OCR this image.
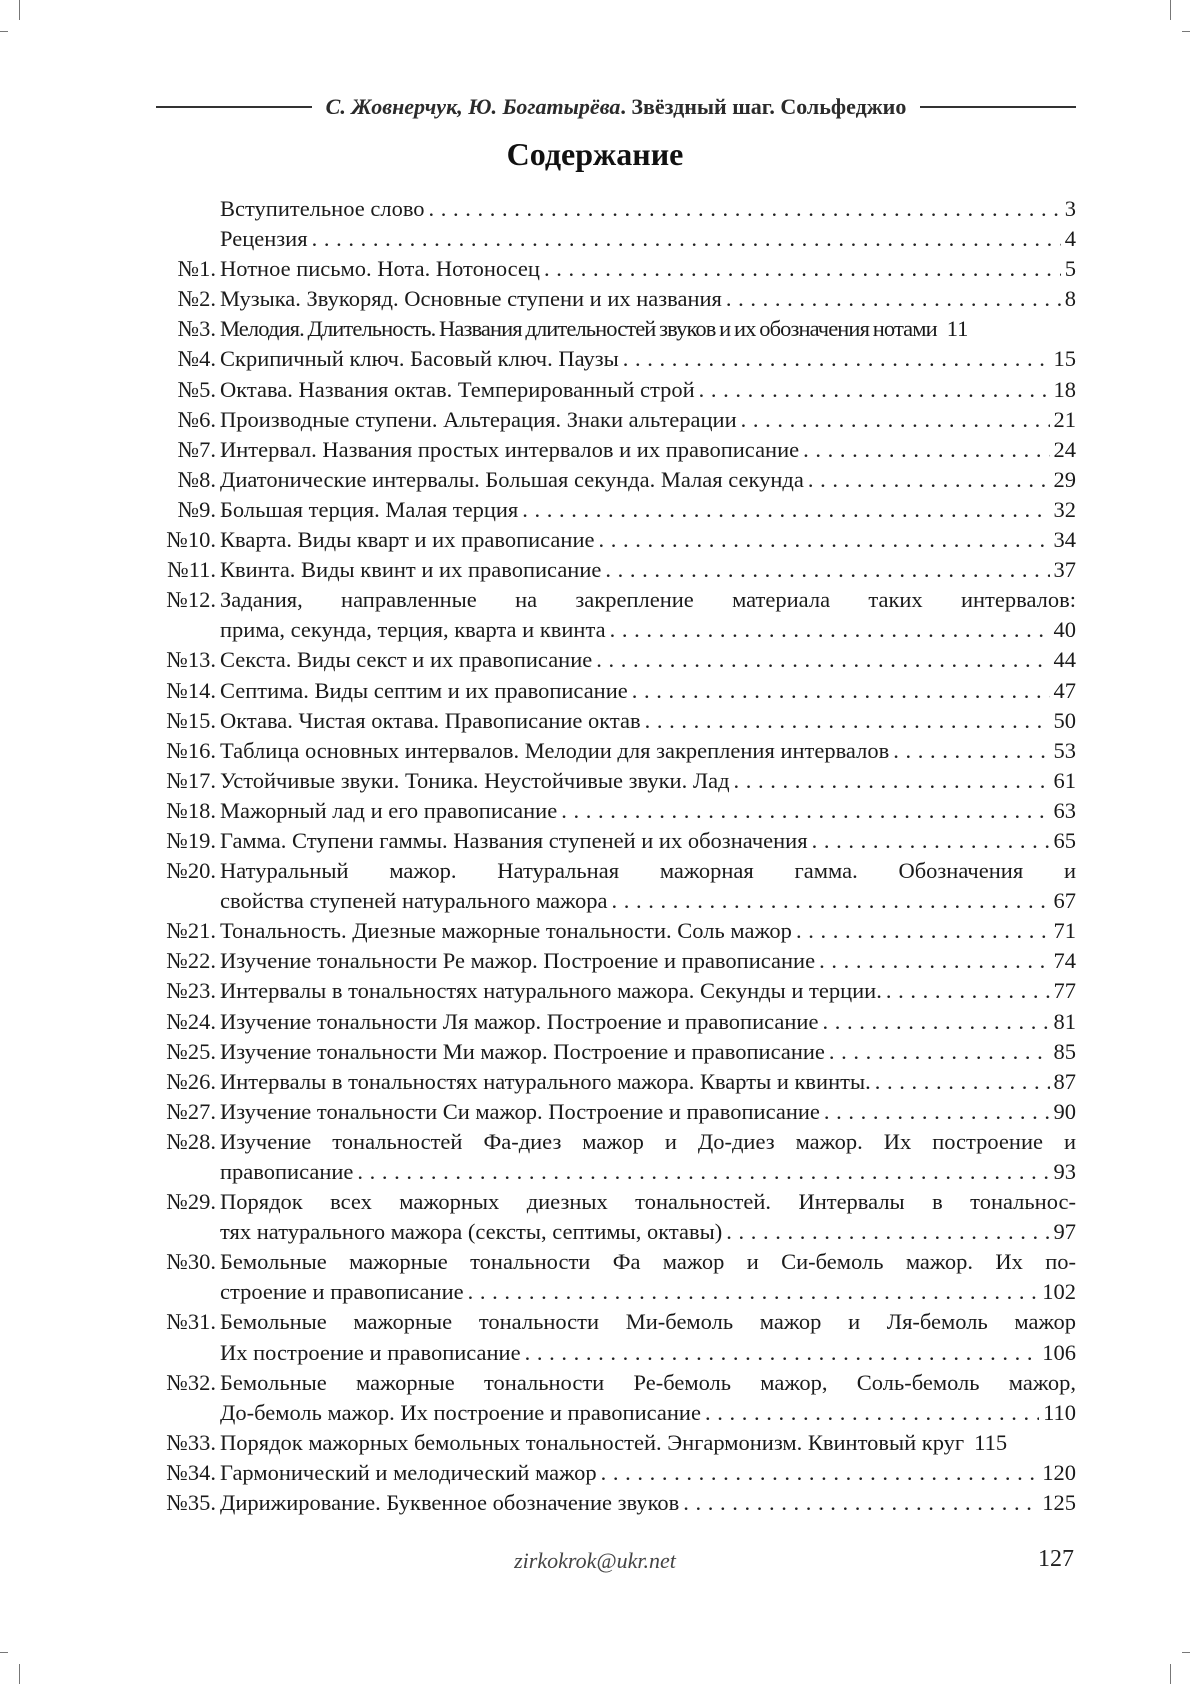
С. Жовнерчук, Ю. Богатырёва. Звёздный шаг. Сольфеджио
Содержание
Вступительное слово . . .	3
Рецензия . . .	4
№1. Нотное письмо. Нота. Нотоносец . . .	5
№2. Музыка. Звукоряд. Основные ступени и их названия . . .	8
№3. Мелодия. Длительность. Названия длительностей звуков и их обозначения нотами 11
№4. Скрипичный ключ. Басовый ключ. Паузы . . .	15
№5. Октава. Названия октав. Темперированный строй . . .	18
№6. Производные ступени. Альтерация. Знаки альтерации . . .	21
№7. Интервал. Названия простых интервалов и их правописание . . .	24
№8. Диатонические интервалы. Большая секунда. Малая секунда . . .	29
№9. Большая терция. Малая терция . . .	32
№10. Кварта. Виды кварт и их правописание . . .	34
№11. Квинта. Виды квинт и их правописание . . .	37
№12. Задания, направленные на закрепление материала таких интервалов:
прима, секунда, терция, кварта и квинта . . .	40
№13. Секста. Виды секст и их правописание . . .	44
№14. Септима. Виды септим и их правописание . . .	47
№15. Октава. Чистая октава. Правописание октав . . .	50
№16. Таблица основных интервалов. Мелодии для закрепления интервалов . . .	53
№17. Устойчивые звуки. Тоника. Неустойчивые звуки. Лад . . .	61
№18. Мажорный лад и его правописание . . .	63
№19. Гамма. Ступени гаммы. Названия ступеней и их обозначения . . .	65
№20. Натуральный мажор. Натуральная мажорная гамма. Обозначения и
свойства ступеней натурального мажора . . .	67
№21. Тональность. Диезные мажорные тональности. Соль мажор . . .	71
№22. Изучение тональности Ре мажор. Построение и правописание . . .	74
№23. Интервалы в тональностях натурального мажора. Секунды и терции. . . .	77
№24. Изучение тональности Ля мажор. Построение и правописание . . .	81
№25. Изучение тональности Ми мажор. Построение и правописание . . .	85
№26. Интервалы в тональностях натурального мажора. Кварты и квинты. . . .	87
№27. Изучение тональности Си мажор. Построение и правописание . . .	90
№28. Изучение тональностей Фа-диез мажор и До-диез мажор. Их построение и
правописание . . .	93
№29. Порядок всех мажорных диезных тональностей. Интервалы в тональнос-
тях натурального мажора (сексты, септимы, октавы) . . .	97
№30. Бемольные мажорные тональности Фа мажор и Си-бемоль мажор. Их по-
строение и правописание . . .	102
№31. Бемольные мажорные тональности Ми-бемоль мажор и Ля-бемоль мажор
Их построение и правописание . . .	106
№32. Бемольные мажорные тональности Ре-бемоль мажор, Соль-бемоль мажор,
До-бемоль мажор. Их построение и правописание . . .	110
№33. Порядок мажорных бемольных тональностей. Энгармонизм. Квинтовый круг 115
№34. Гармонический и мелодический мажор . . .	120
№35. Дирижирование. Буквенное обозначение звуков . . .	125
zirkokrok@ukr.net	127
